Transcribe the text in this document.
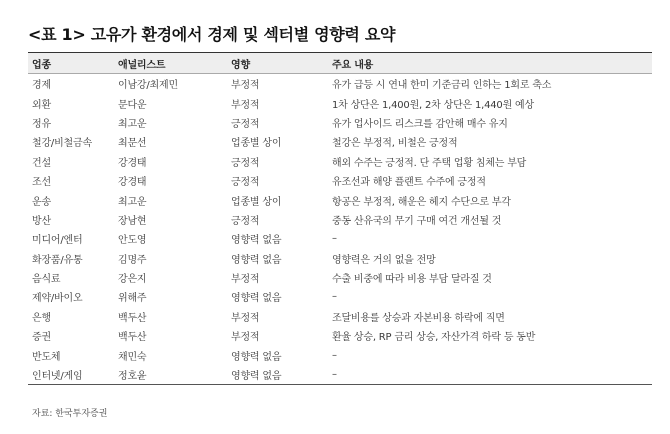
<표 1> 고유가 환경에서 경제 및 섹터별 영향력 요약
업종	애널리스트	영향	주요 내용
경제	이남강/최제민	부정적	유가 급등 시 연내 한미 기준금리 인하는 1회로 축소
외환	문다운	부정적	1차 상단은 1,400원, 2차 상단은 1,440원 예상
정유	최고운	긍정적	유가 업사이드 리스크를 감안해 매수 유지
철강/비철금속	최문선	업종별 상이	철강은 부정적, 비철은 긍정적
건설	강경태	긍정적	해외 수주는 긍정적. 단 주택 업황 침체는 부담
조선	강경태	긍정적	유조선과 해양 플랜트 수주에 긍정적
운송	최고운	업종별 상이	항공은 부정적, 해운은 헤지 수단으로 부각
방산	장남현	긍정적	중동 산유국의 무기 구매 여건 개선될 것
미디어/엔터	안도영	영향력 없음	–
화장품/유통	김명주	영향력 없음	영향력은 거의 없을 전망
음식료	강은지	부정적	수출 비중에 따라 비용 부담 달라질 것
제약/바이오	위해주	영향력 없음	–
은행	백두산	부정적	조달비용를 상승과 자본비용 하락에 직면
증권	백두산	부정적	환율 상승, RP 금리 상승, 자산가격 하락 등 동반
반도체	채민숙	영향력 없음	–
인터넷/게임	정호윤	영향력 없음	–
자료: 한국투자증권
